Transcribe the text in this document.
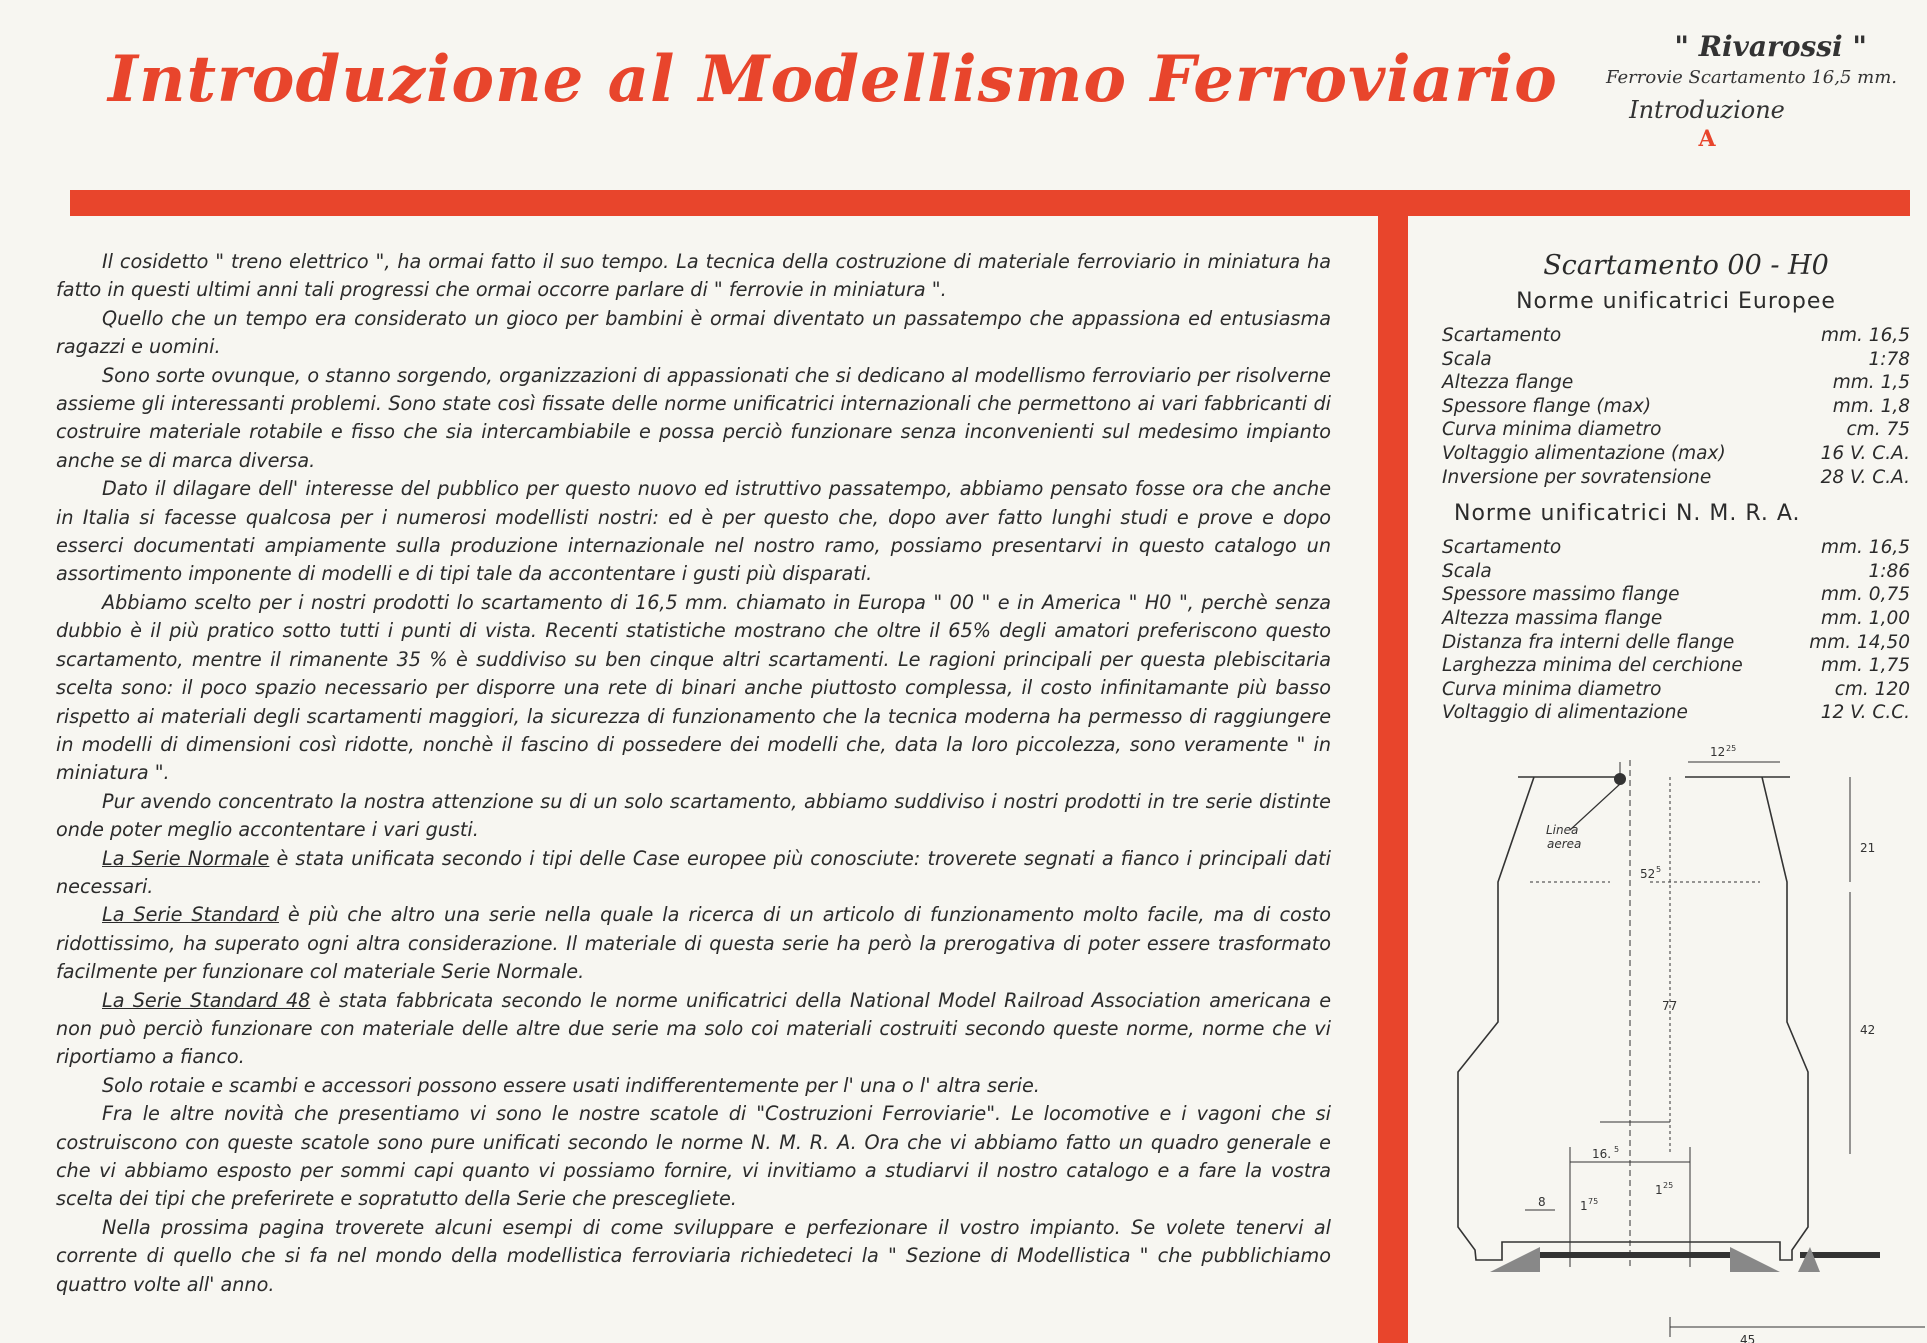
Introduzione al Modellismo Ferroviario	" Rivarossi "
Ferrovie Scartamento 16,5 mm.
Introduzione
A

Il cosidetto " treno elettrico ", ha ormai fatto il suo tempo. La tecnica della costruzione di materiale ferroviario in miniatura ha fatto in questi ultimi anni tali progressi che ormai occorre parlare di " ferrovie in miniatura ".

Quello che un tempo era considerato un gioco per bambini è ormai diventato un passatempo che appassiona ed entusiasma ragazzi e uomini.

Sono sorte ovunque, o stanno sorgendo, organizzazioni di appassionati che si dedicano al modellismo ferroviario per risolverne assieme gli interessanti problemi. Sono state così fissate delle norme unificatrici internazionali che permettono ai vari fabbricanti di costruire materiale rotabile e fisso che sia intercambiabile e possa perciò funzionare senza inconvenienti sul medesimo impianto anche se di marca diversa.

Dato il dilagare dell' interesse del pubblico per questo nuovo ed istruttivo passatempo, abbiamo pensato fosse ora che anche in Italia si facesse qualcosa per i numerosi modellisti nostri: ed è per questo che, dopo aver fatto lunghi studi e prove e dopo esserci documentati ampiamente sulla produzione internazionale nel nostro ramo, possiamo presentarvi in questo catalogo un assortimento imponente di modelli e di tipi tale da accontentare i gusti più disparati.

Abbiamo scelto per i nostri prodotti lo scartamento di 16,5 mm. chiamato in Europa " 00 " e in America " H0 ", perchè senza dubbio è il più pratico sotto tutti i punti di vista. Recenti statistiche mostrano che oltre il 65% degli amatori preferiscono questo scartamento, mentre il rimanente 35 % è suddiviso su ben cinque altri scartamenti. Le ragioni principali per questa plebiscitaria scelta sono: il poco spazio necessario per disporre una rete di binari anche piuttosto complessa, il costo infinitamante più basso rispetto ai materiali degli scartamenti maggiori, la sicurezza di funzionamento che la tecnica moderna ha permesso di raggiungere in modelli di dimensioni così ridotte, nonchè il fascino di possedere dei modelli che, data la loro piccolezza, sono veramente " in miniatura ".

Pur avendo concentrato la nostra attenzione su di un solo scartamento, abbiamo suddiviso i nostri prodotti in tre serie distinte onde poter meglio accontentare i vari gusti.

La Serie Normale è stata unificata secondo i tipi delle Case europee più conosciute: troverete segnati a fianco i principali dati necessari.

La Serie Standard è più che altro una serie nella quale la ricerca di un articolo di funzionamento molto facile, ma di costo ridottissimo, ha superato ogni altra considerazione. Il materiale di questa serie ha però la prerogativa di poter essere trasformato facilmente per funzionare col materiale Serie Normale.

La Serie Standard 48 è stata fabbricata secondo le norme unificatrici della National Model Railroad Association americana e non può perciò funzionare con materiale delle altre due serie ma solo coi materiali costruiti secondo queste norme, norme che vi riportiamo a fianco.

Solo rotaie e scambi e accessori possono essere usati indifferentemente per l' una o l' altra serie.

Fra le altre novità che presentiamo vi sono le nostre scatole di "Costruzioni Ferroviarie". Le locomotive e i vagoni che si costruiscono con queste scatole sono pure unificati secondo le norme N. M. R. A. Ora che vi abbiamo fatto un quadro generale e che vi abbiamo esposto per sommi capi quanto vi possiamo fornire, vi invitiamo a studiarvi il nostro catalogo e a fare la vostra scelta dei tipi che preferirete e sopratutto della Serie che prescegliete.

Nella prossima pagina troverete alcuni esempi di come sviluppare e perfezionare il vostro impianto. Se volete tenervi al corrente di quello che si fa nel mondo della modellistica ferroviaria richiedeteci la " Sezione di Modellistica " che pubblichiamo quattro volte all' anno.

Scartamento 00 - H0
Norme unificatrici Europee
Scartamento	mm. 16,5
Scala	1:78
Altezza flange	mm. 1,5
Spessore flange (max)	mm. 1,8
Curva minima diametro	cm. 75
Voltaggio alimentazione (max)	16 V. C.A.
Inversione per sovratensione	28 V. C.A.
Norme unificatrici N. M. R. A.
Scartamento	mm. 16,5
Scala	1:86
Spessore massimo flange	mm. 0,75
Altezza massima flange	mm. 1,00
Distanza fra interni delle flange	mm. 14,50
Larghezza minima del cerchione	mm. 1,75
Curva minima diametro	cm. 120
Voltaggio di alimentazione	12 V. C.C.
Linea
aerea
12 25
52 5
21
77
42
16. 5
8	1 75
1 25
45
